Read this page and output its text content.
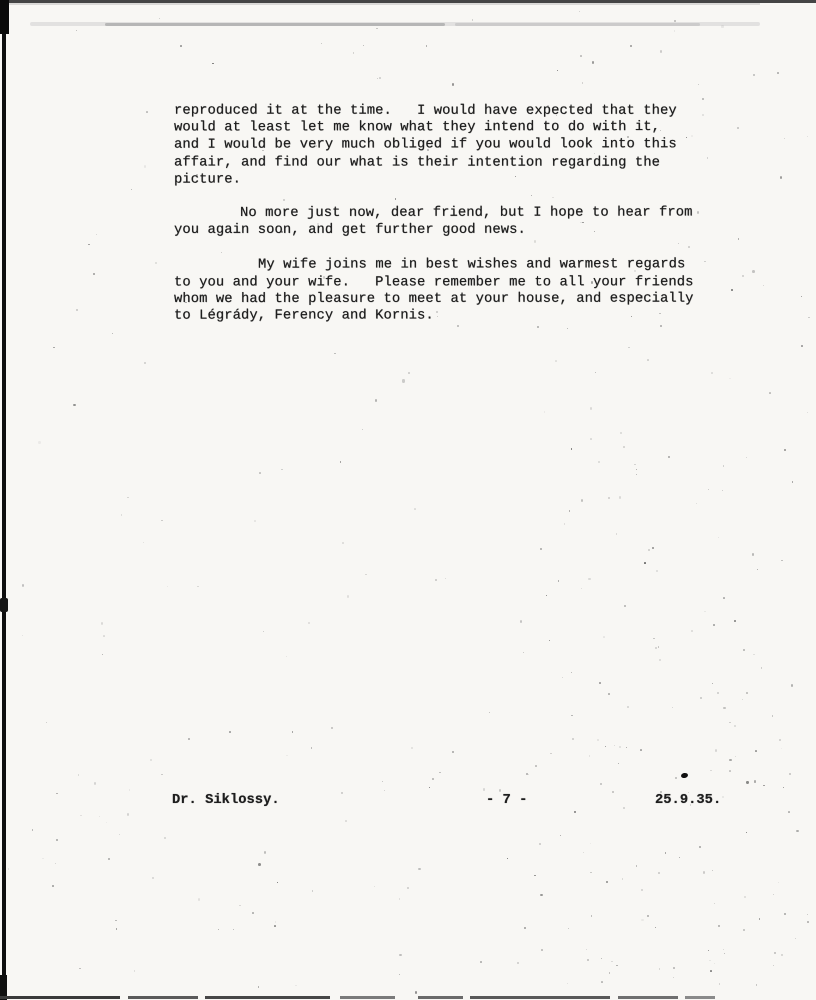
reproduced it at the time.   I would have expected that they
would at least let me know what they intend to do with it,
and I would be very much obliged if you would look into this
affair, and find our what is their intention regarding the
picture.
No more just now, dear friend, but I hope to hear from
you again soon, and get further good news.
My wife joins me in best wishes and warmest regards
to you and your wife.   Please remember me to all your friends
whom we had the pleasure to meet at your house, and especially
to Légrády, Ferency and Kornis.
Dr. Siklossy.	- 7 -	25.9.35.
